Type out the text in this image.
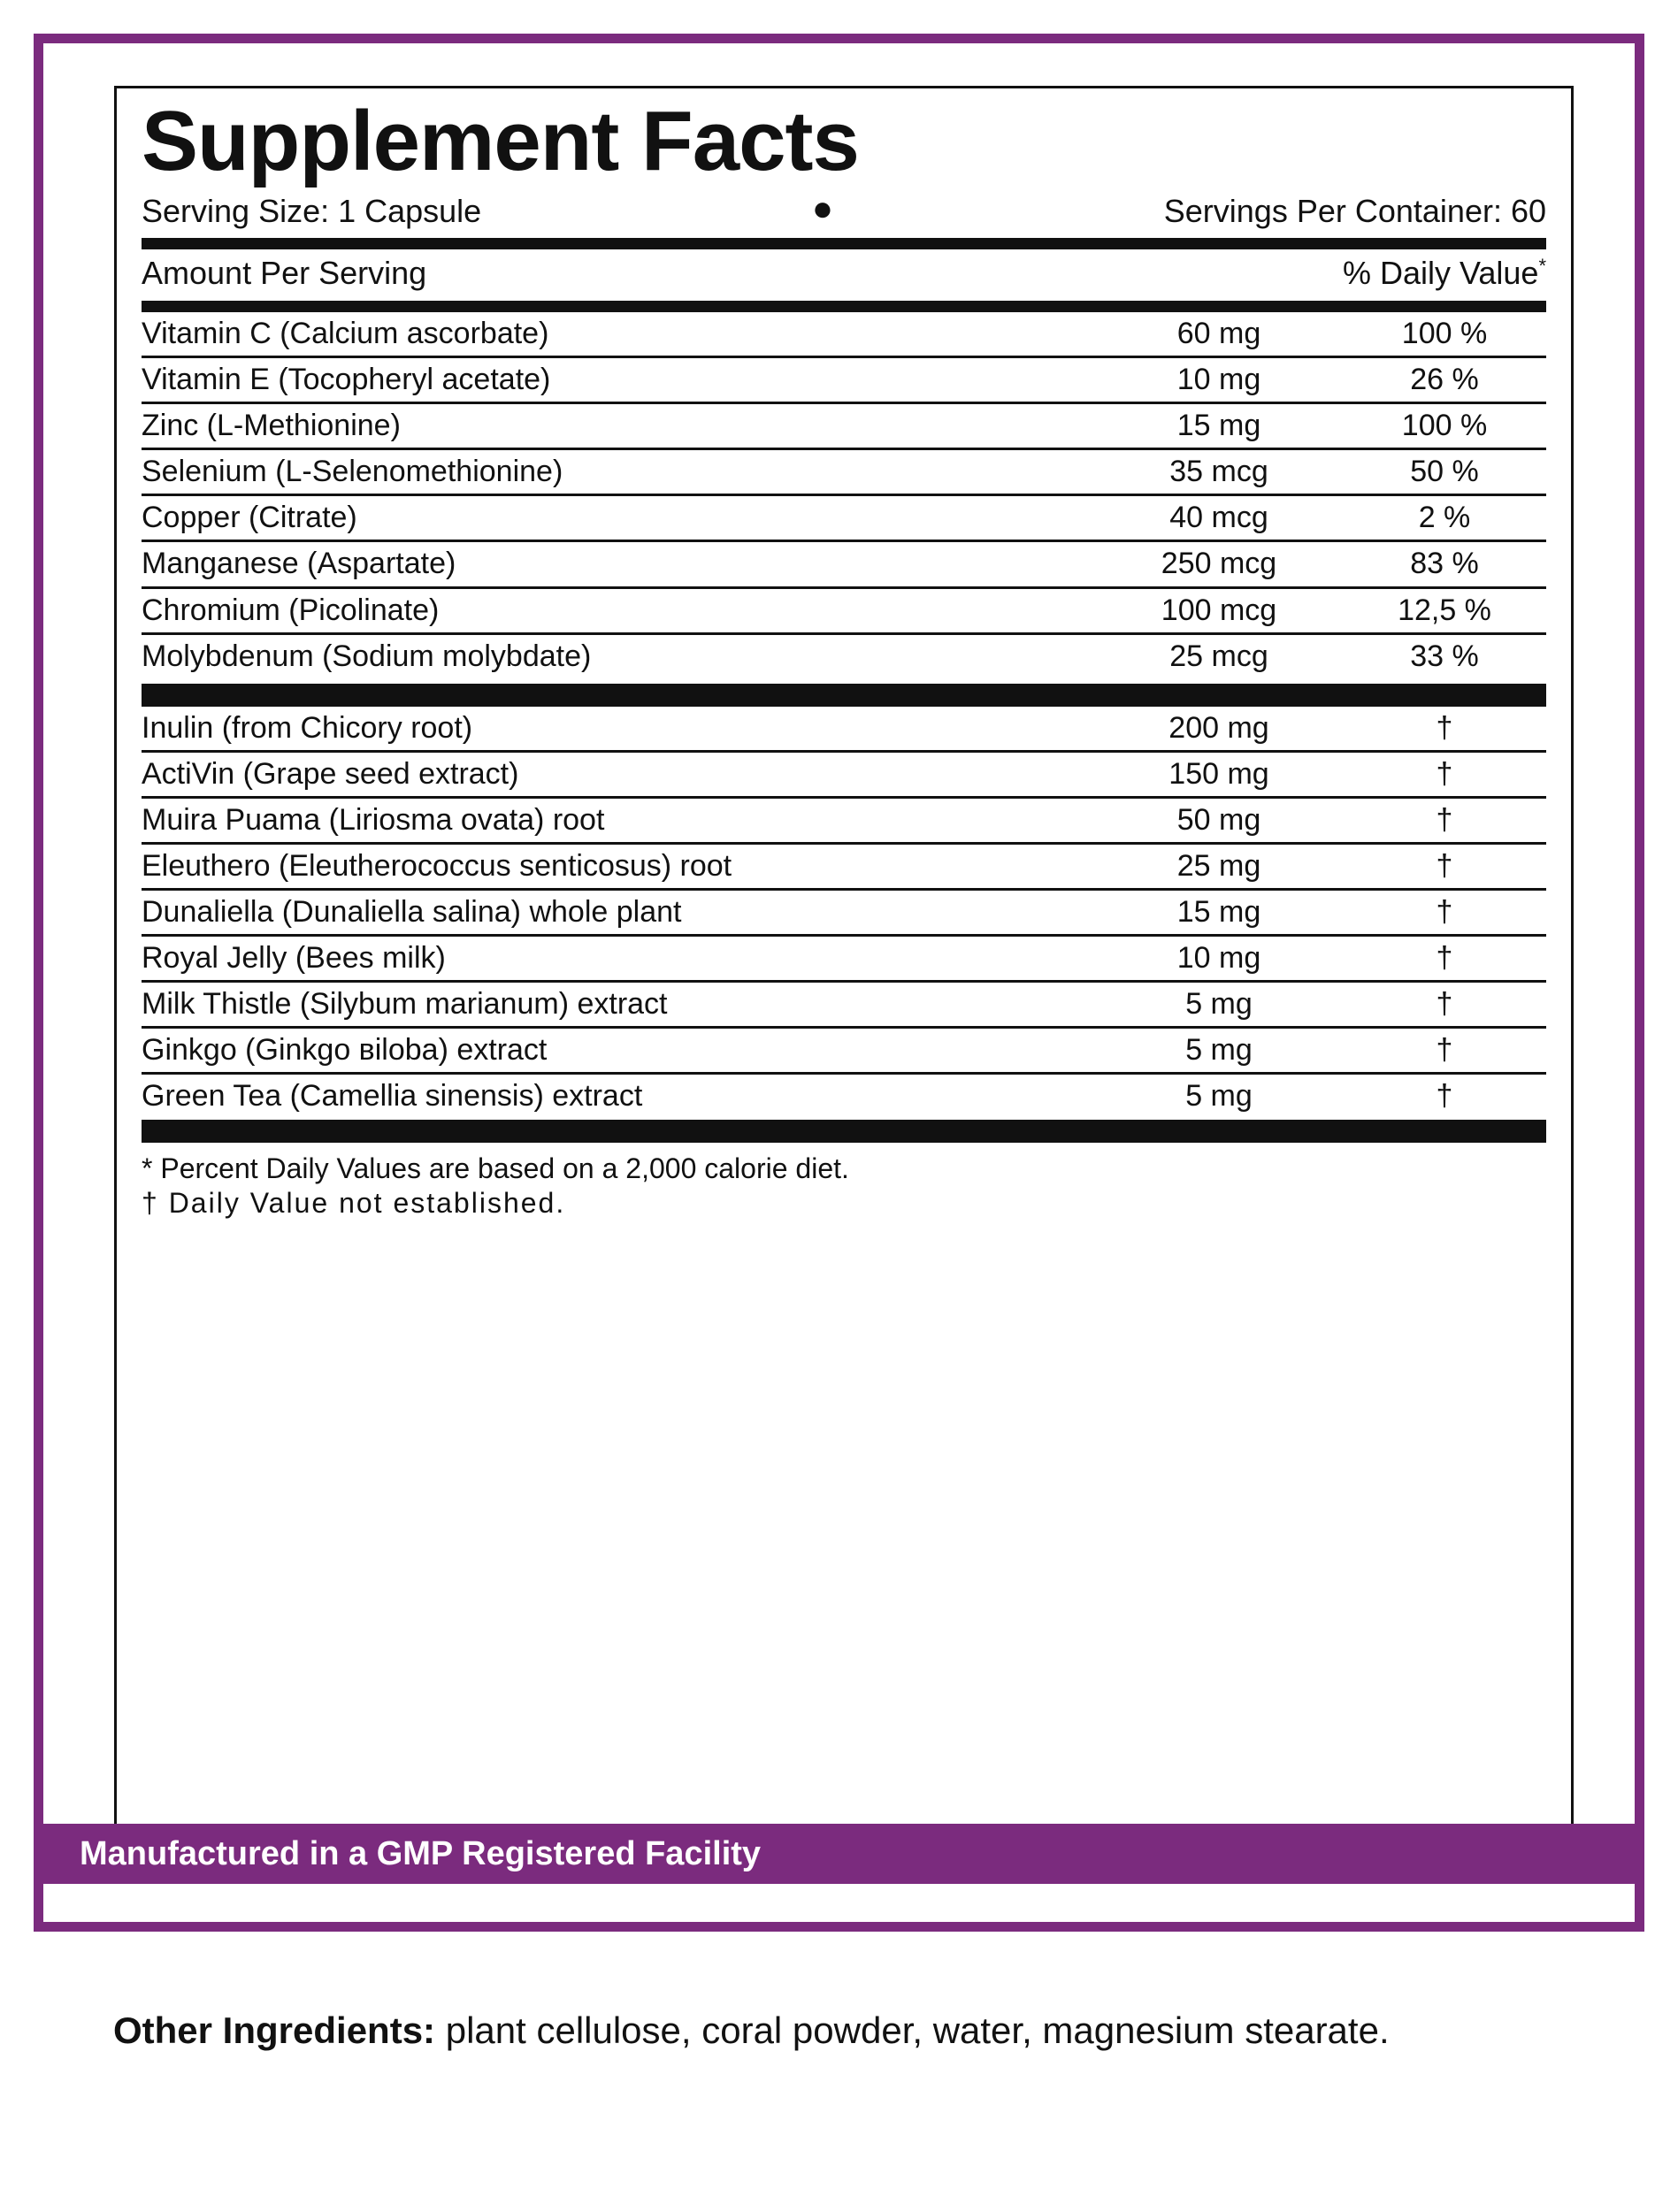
Supplement Facts
Serving Size: 1 Capsule	●	Servings Per Container: 60
Amount Per Serving	% Daily Value*
Vitamin C (Calcium ascorbate)	60 mg	100 %
Vitamin E (Tocopheryl acetate)	10 mg	26 %
Zinc (L-Methionine)	15 mg	100 %
Selenium (L-Selenomethionine)	35 mcg	50 %
Copper (Citrate)	40 mcg	2 %
Manganese (Aspartate)	250 mcg	83 %
Chromium (Picolinate)	100 mcg	12,5 %
Molybdenum (Sodium molybdate)	25 mcg	33 %
Inulin (from Chicory root)	200 mg	†
ActiVin (Grape seed extract)	150 mg	†
Muira Puama (Liriosma ovata) root	50 mg	†
Eleuthero (Eleutherococcus senticosus) root	25 mg	†
Dunaliella (Dunaliella salina) whole plant	15 mg	†
Royal Jelly (Bees milk)	10 mg	†
Milk Thistle (Silybum marianum) extract	5 mg	†
Ginkgo (Ginkgo вiloba) extract	5 mg	†
Green Tea (Camellia sinensis) extract	5 mg	†
* Percent Daily Values are based on a 2,000 calorie diet.
† Daily Value not established.
Manufactured in a GMP Registered Facility
Other Ingredients: plant cellulose, coral powder, water, magnesium stearate.
